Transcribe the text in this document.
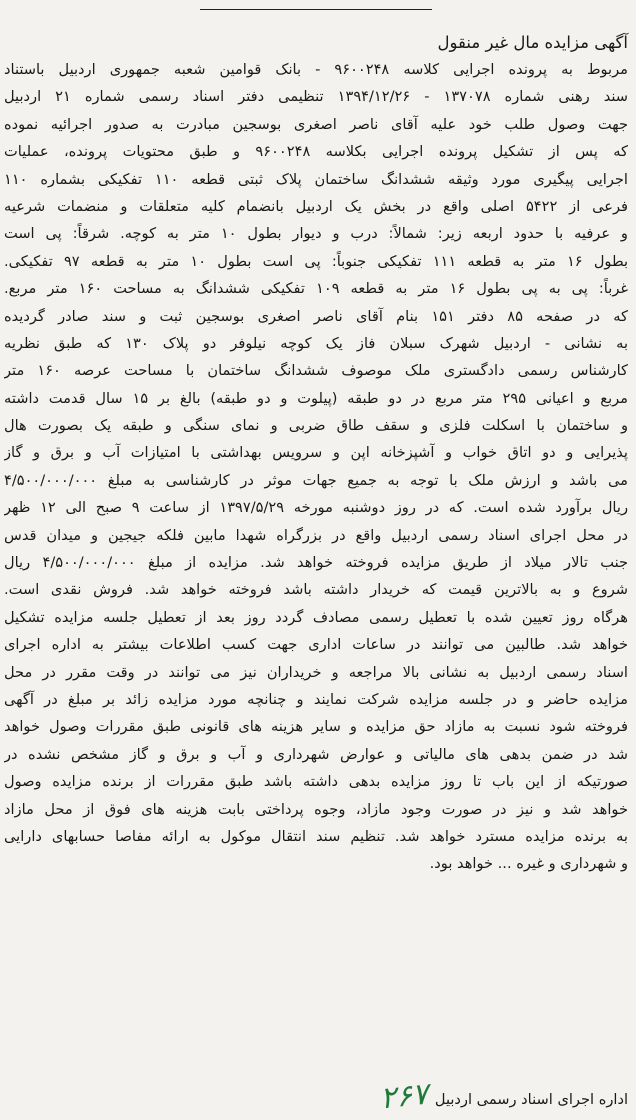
آگهی مزایده مال غیر منقول
مربوط به پرونده اجرایی کلاسه ۹۶۰۰۲۴۸ - بانک قوامین شعبه جمهوری اردبیل باستناد
سند رهنی شماره ۱۳۷۰۷۸ - ۱۳۹۴/۱۲/۲۶ تنظیمی دفتر اسناد رسمی شماره ۲۱ اردبیل
جهت وصول طلب خود علیه آقای ناصر اصغری بوسجین مبادرت به صدور اجرائیه نموده
که پس از تشکیل پرونده اجرایی بکلاسه ۹۶۰۰۲۴۸ و طبق محتویات پرونده، عملیات
اجرایی پیگیری مورد وثیقه ششدانگ ساختمان پلاک ثبتی قطعه ۱۱۰ تفکیکی بشماره ۱۱۰
فرعی از ۵۴۲۲ اصلی واقع در بخش یک اردبیل بانضمام کلیه متعلقات و منضمات شرعیه
و عرفیه با حدود اربعه زیر: شمالاً: درب و دیوار بطول ۱۰ متر به کوچه. شرقاً: پی است
بطول ۱۶ متر به قطعه ۱۱۱ تفکیکی جنوباً: پی است بطول ۱۰ متر به قطعه ۹۷ تفکیکی.
غرباً: پی به پی بطول ۱۶ متر به قطعه ۱۰۹ تفکیکی ششدانگ به مساحت ۱۶۰ متر مربع.
که در صفحه ۸۵ دفتر ۱۵۱ بنام آقای ناصر اصغری بوسجین ثبت و سند صادر گردیده
به نشانی - اردبیل شهرک سبلان فاز یک کوچه نیلوفر دو پلاک ۱۳۰ که طبق نظریه
کارشناس رسمی دادگستری ملک موصوف ششدانگ ساختمان با مساحت عرصه ۱۶۰ متر
مربع و اعیانی ۲۹۵ متر مربع در دو طبقه (پیلوت و دو طبقه) بالغ بر ۱۵ سال قدمت داشته
و ساختمان با اسکلت فلزی و سقف طاق ضربی و نمای سنگی و طبقه یک بصورت هال
پذیرایی و دو اتاق خواب و آشپزخانه اپن و سرویس بهداشتی با امتیازات آب و برق و گاز
می باشد و ارزش ملک با توجه به جمیع جهات موثر در کارشناسی به مبلغ ۴/۵۰۰/۰۰۰/۰۰۰
ریال برآورد شده است. که در روز دوشنبه مورخه ۱۳۹۷/۵/۲۹ از ساعت ۹ صبح الی ۱۲ ظهر
در محل اجرای اسناد رسمی اردبیل واقع در بزرگراه شهدا مابین فلکه جیجین و میدان قدس
جنب تالار میلاد از طریق مزایده فروخته خواهد شد. مزایده از مبلغ ۴/۵۰۰/۰۰۰/۰۰۰ ریال
شروع و به بالاترین قیمت که خریدار داشته باشد فروخته خواهد شد. فروش نقدی است.
هرگاه روز تعیین شده با تعطیل رسمی مصادف گردد روز بعد از تعطیل جلسه مزایده تشکیل
خواهد شد. طالبین می توانند در ساعات اداری جهت کسب اطلاعات بیشتر به اداره اجرای
اسناد رسمی اردبیل به نشانی بالا مراجعه و خریداران نیز می توانند در وقت مقرر در محل
مزایده حاضر و در جلسه مزایده شرکت نمایند و چنانچه مورد مزایده زائد بر مبلغ در آگهی
فروخته شود نسبت به مازاد حق مزایده و سایر هزینه های قانونی طبق مقررات وصول خواهد
شد در ضمن بدهی های مالیاتی و عوارض شهرداری و آب و برق و گاز مشخص نشده در
صورتیکه از این باب تا روز مزایده بدهی داشته باشد طبق مقررات از برنده مزایده وصول
خواهد شد و نیز در صورت وجود مازاد، وجوه پرداختی بابت هزینه های فوق از محل مازاد
به برنده مزایده مسترد خواهد شد. تنظیم سند انتقال موکول به ارائه مفاصا حسابهای دارایی
و شهرداری و غیره ... خواهد بود.
۲۶۷ اداره اجرای اسناد رسمی اردبیل
